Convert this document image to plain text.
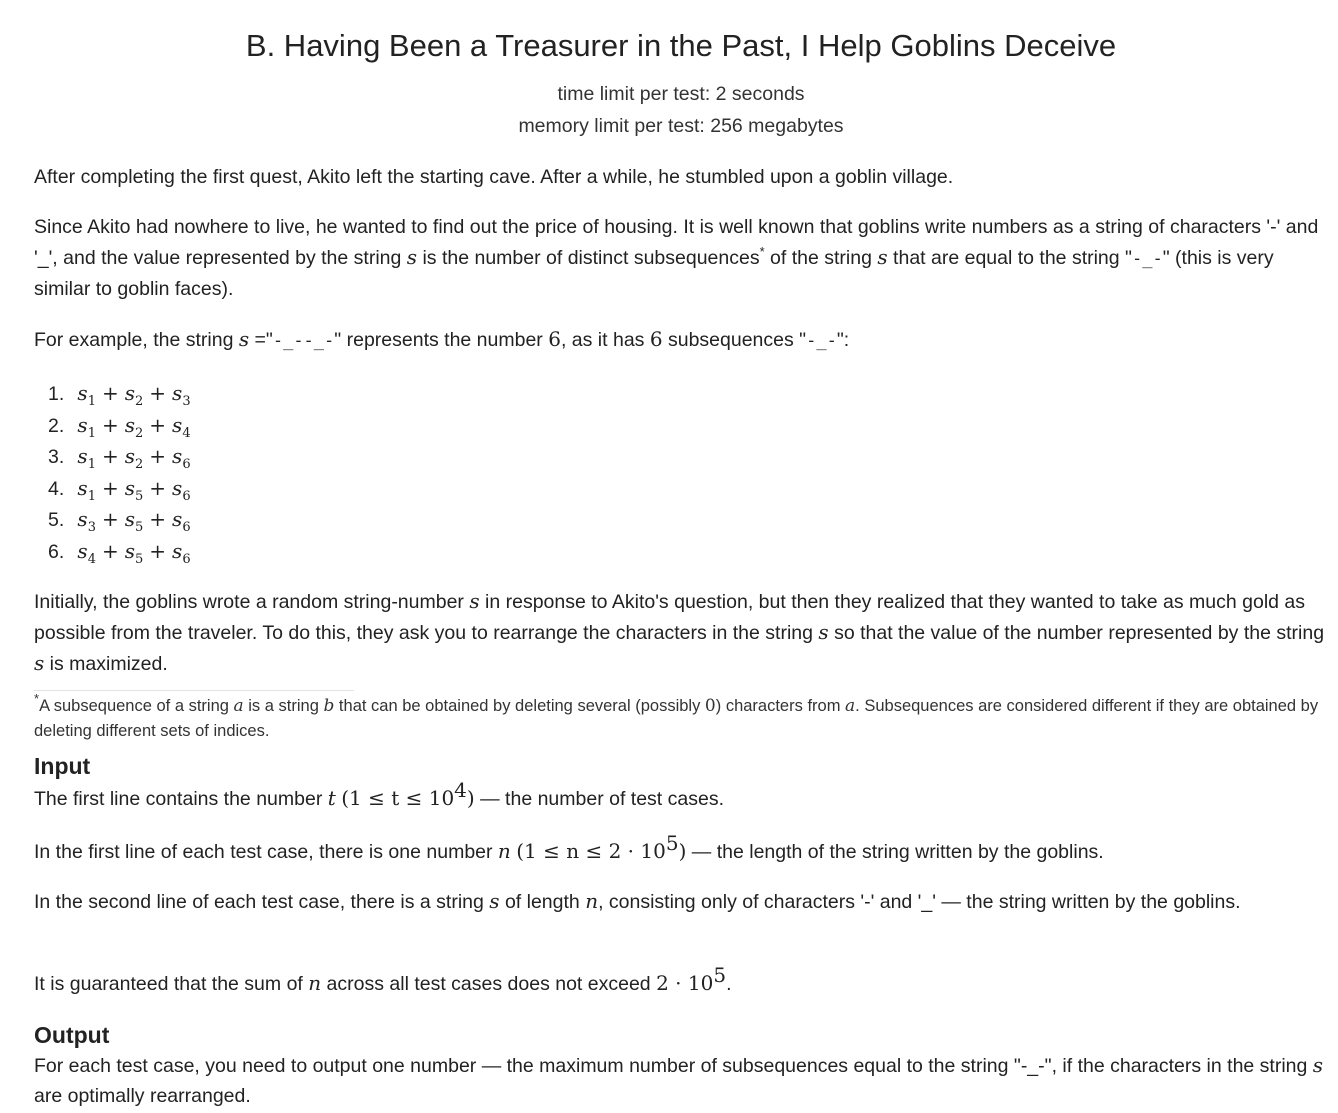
B. Having Been a Treasurer in the Past, I Help Goblins Deceive
time limit per test: 2 seconds
memory limit per test: 256 megabytes
After completing the first quest, Akito left the starting cave. After a while, he stumbled upon a goblin village.
Since Akito had nowhere to live, he wanted to find out the price of housing. It is well known that goblins write numbers as a string of characters '-' and '_', and the value represented by the string s is the number of distinct subsequences* of the string s that are equal to the string "-_-" (this is very similar to goblin faces).
For example, the string s ="-_--_-" represents the number 6, as it has 6 subsequences "-_-":
1. $s_1 + s_2 + s_3$
2. $s_1 + s_2 + s_4$
3. $s_1 + s_2 + s_6$
4. $s_1 + s_5 + s_6$
5. $s_3 + s_5 + s_6$
6. $s_4 + s_5 + s_6$
Initially, the goblins wrote a random string-number s in response to Akito's question, but then they realized that they wanted to take as much gold as possible from the traveler. To do this, they ask you to rearrange the characters in the string s so that the value of the number represented by the string s is maximized.
*A subsequence of a string a is a string b that can be obtained by deleting several (possibly 0) characters from a. Subsequences are considered different if they are obtained by deleting different sets of indices.
Input
The first line contains the number t $(1 \le t \le 10^4)$ — the number of test cases.
In the first line of each test case, there is one number n $(1 \le n \le 2 \cdot 10^5)$ — the length of the string written by the goblins.
In the second line of each test case, there is a string s of length n, consisting only of characters '-' and '_' — the string written by the goblins.
It is guaranteed that the sum of n across all test cases does not exceed $2 \cdot 10^5$.
Output
For each test case, you need to output one number — the maximum number of subsequences equal to the string "-_-", if the characters in the string s are optimally rearranged.
